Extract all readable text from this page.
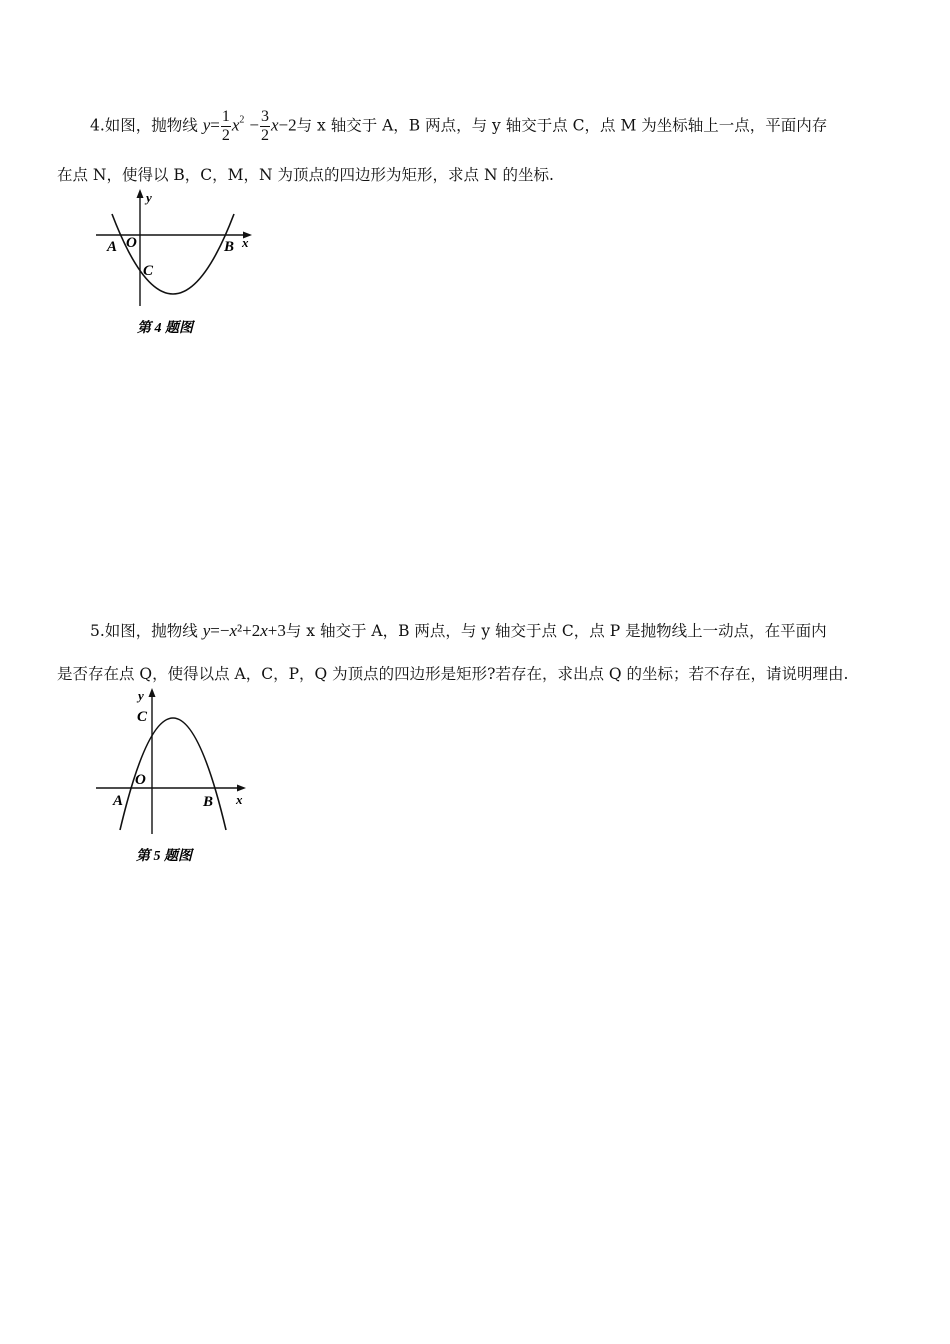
4.如图，抛物线 $y= \frac{1}{2} x^2 - \frac{3}{2} x-2$与 x 轴交于 A，B 两点，与 y 轴交于点 C，点 M 为坐标轴上一点，平面内存
在点 N，使得以 B，C，M，N 为顶点的四边形为矩形，求点 N 的坐标.
y
x
A O	B
C
第 4 题图
5.如图，抛物线 y=−x²+2x+3与 x 轴交于 A，B 两点，与 y 轴交于点 C，点 P 是抛物线上一动点，在平面内
是否存在点 Q，使得以点 A，C，P，Q 为顶点的四边形是矩形?若存在，求出点 Q 的坐标；若不存在，请说明理由.
y
x
C
O
A	B
第 5 题图
